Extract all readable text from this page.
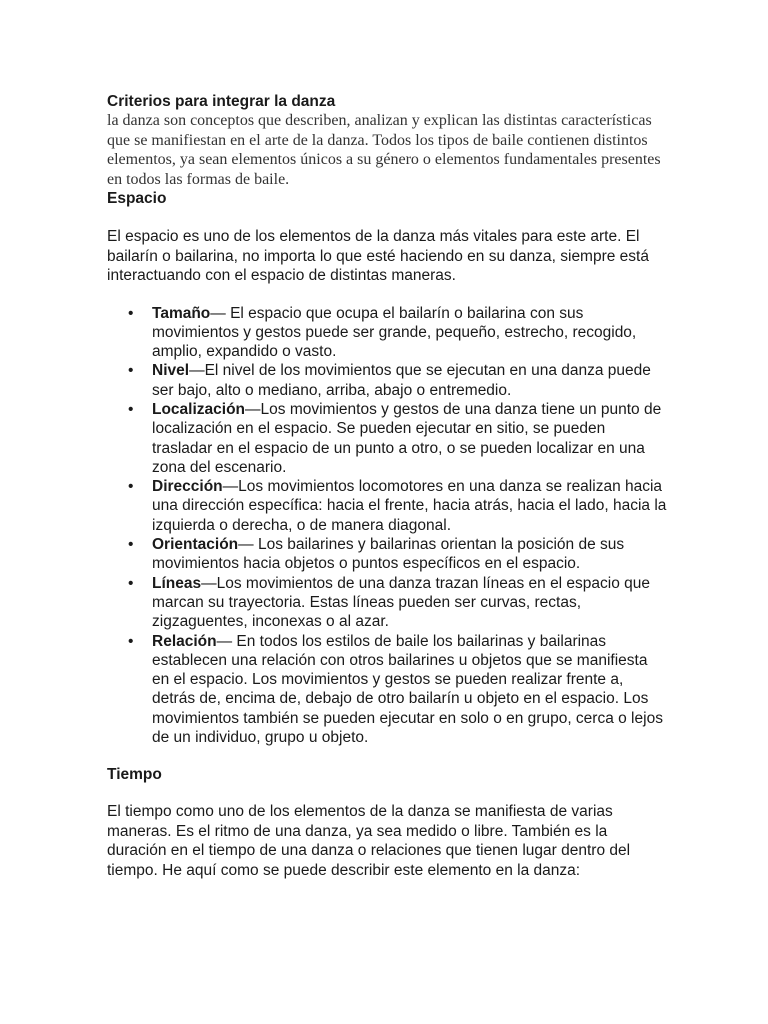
Criterios para integrar la danza

la danza son conceptos que describen, analizan y explican las distintas características que se manifiestan en el arte de la danza. Todos los tipos de baile contienen distintos elementos, ya sean elementos únicos a su género o elementos fundamentales presentes en todos las formas de baile.

Espacio

El espacio es uno de los elementos de la danza más vitales para este arte. El bailarín o bailarina, no importa lo que esté haciendo en su danza, siempre está interactuando con el espacio de distintas maneras.

• Tamaño— El espacio que ocupa el bailarín o bailarina con sus movimientos y gestos puede ser grande, pequeño, estrecho, recogido, amplio, expandido o vasto.
• Nivel—El nivel de los movimientos que se ejecutan en una danza puede ser bajo, alto o mediano, arriba, abajo o entremedio.
• Localización—Los movimientos y gestos de una danza tiene un punto de localización en el espacio. Se pueden ejecutar en sitio, se pueden trasladar en el espacio de un punto a otro, o se pueden localizar en una zona del escenario.
• Dirección—Los movimientos locomotores en una danza se realizan hacia una dirección específica: hacia el frente, hacia atrás, hacia el lado, hacia la izquierda o derecha, o de manera diagonal.
• Orientación— Los bailarines y bailarinas orientan la posición de sus movimientos hacia objetos o puntos específicos en el espacio.
• Líneas—Los movimientos de una danza trazan líneas en el espacio que marcan su trayectoria. Estas líneas pueden ser curvas, rectas, zigzaguentes, inconexas o al azar.
• Relación— En todos los estilos de baile los bailarinas y bailarinas establecen una relación con otros bailarines u objetos que se manifiesta en el espacio. Los movimientos y gestos se pueden realizar frente a, detrás de, encima de, debajo de otro bailarín u objeto en el espacio. Los movimientos también se pueden ejecutar en solo o en grupo, cerca o lejos de un individuo, grupo u objeto.
Tiempo

El tiempo como uno de los elementos de la danza se manifiesta de varias maneras. Es el ritmo de una danza, ya sea medido o libre. También es la duración en el tiempo de una danza o relaciones que tienen lugar dentro del tiempo. He aquí como se puede describir este elemento en la danza:
